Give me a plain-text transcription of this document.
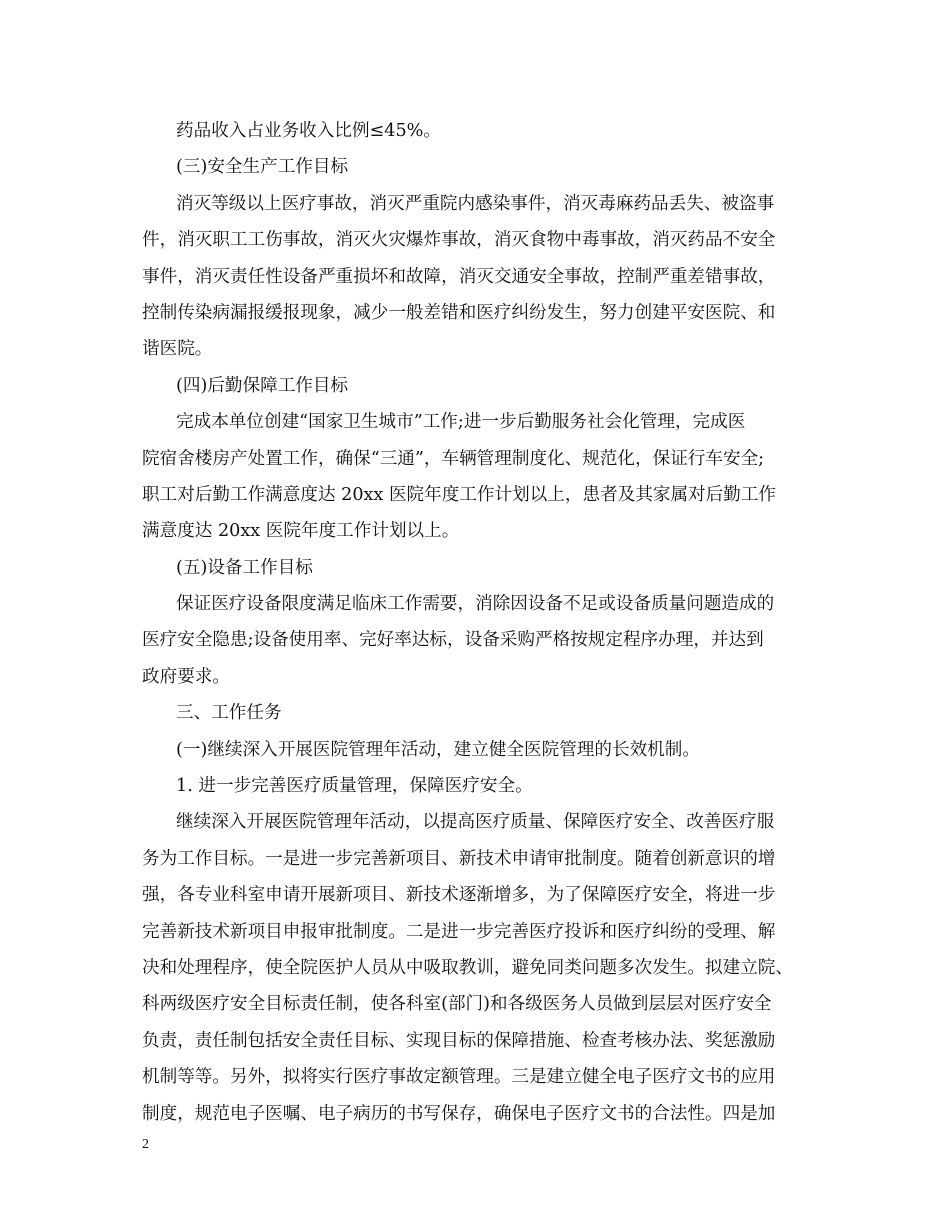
药品收入占业务收入比例≤45%。
(三)安全生产工作目标
消灭等级以上医疗事故，消灭严重院内感染事件，消灭毒麻药品丢失、被盗事
件，消灭职工工伤事故，消灭火灾爆炸事故，消灭食物中毒事故，消灭药品不安全
事件，消灭责任性设备严重损坏和故障，消灭交通安全事故，控制严重差错事故，
控制传染病漏报缓报现象，减少一般差错和医疗纠纷发生，努力创建平安医院、和
谐医院。
(四)后勤保障工作目标
完成本单位创建“国家卫生城市”工作;进一步后勤服务社会化管理，完成医
院宿舍楼房产处置工作，确保“三通”，车辆管理制度化、规范化，保证行车安全;
职工对后勤工作满意度达 20xx 医院年度工作计划以上，患者及其家属对后勤工作
满意度达 20xx 医院年度工作计划以上。
(五)设备工作目标
保证医疗设备限度满足临床工作需要，消除因设备不足或设备质量问题造成的
医疗安全隐患;设备使用率、完好率达标，设备采购严格按规定程序办理，并达到
政府要求。
三、工作任务
(一)继续深入开展医院管理年活动，建立健全医院管理的长效机制。
1. 进一步完善医疗质量管理，保障医疗安全。
继续深入开展医院管理年活动，以提高医疗质量、保障医疗安全、改善医疗服
务为工作目标。一是进一步完善新项目、新技术申请审批制度。随着创新意识的增
强，各专业科室申请开展新项目、新技术逐渐增多，为了保障医疗安全，将进一步
完善新技术新项目申报审批制度。二是进一步完善医疗投诉和医疗纠纷的受理、解
决和处理程序，使全院医护人员从中吸取教训，避免同类问题多次发生。拟建立院、
科两级医疗安全目标责任制，使各科室(部门)和各级医务人员做到层层对医疗安全
负责，责任制包括安全责任目标、实现目标的保障措施、检查考核办法、奖惩激励
机制等等。另外，拟将实行医疗事故定额管理。三是建立健全电子医疗文书的应用
制度，规范电子医嘱、电子病历的书写保存，确保电子医疗文书的合法性。四是加
2
